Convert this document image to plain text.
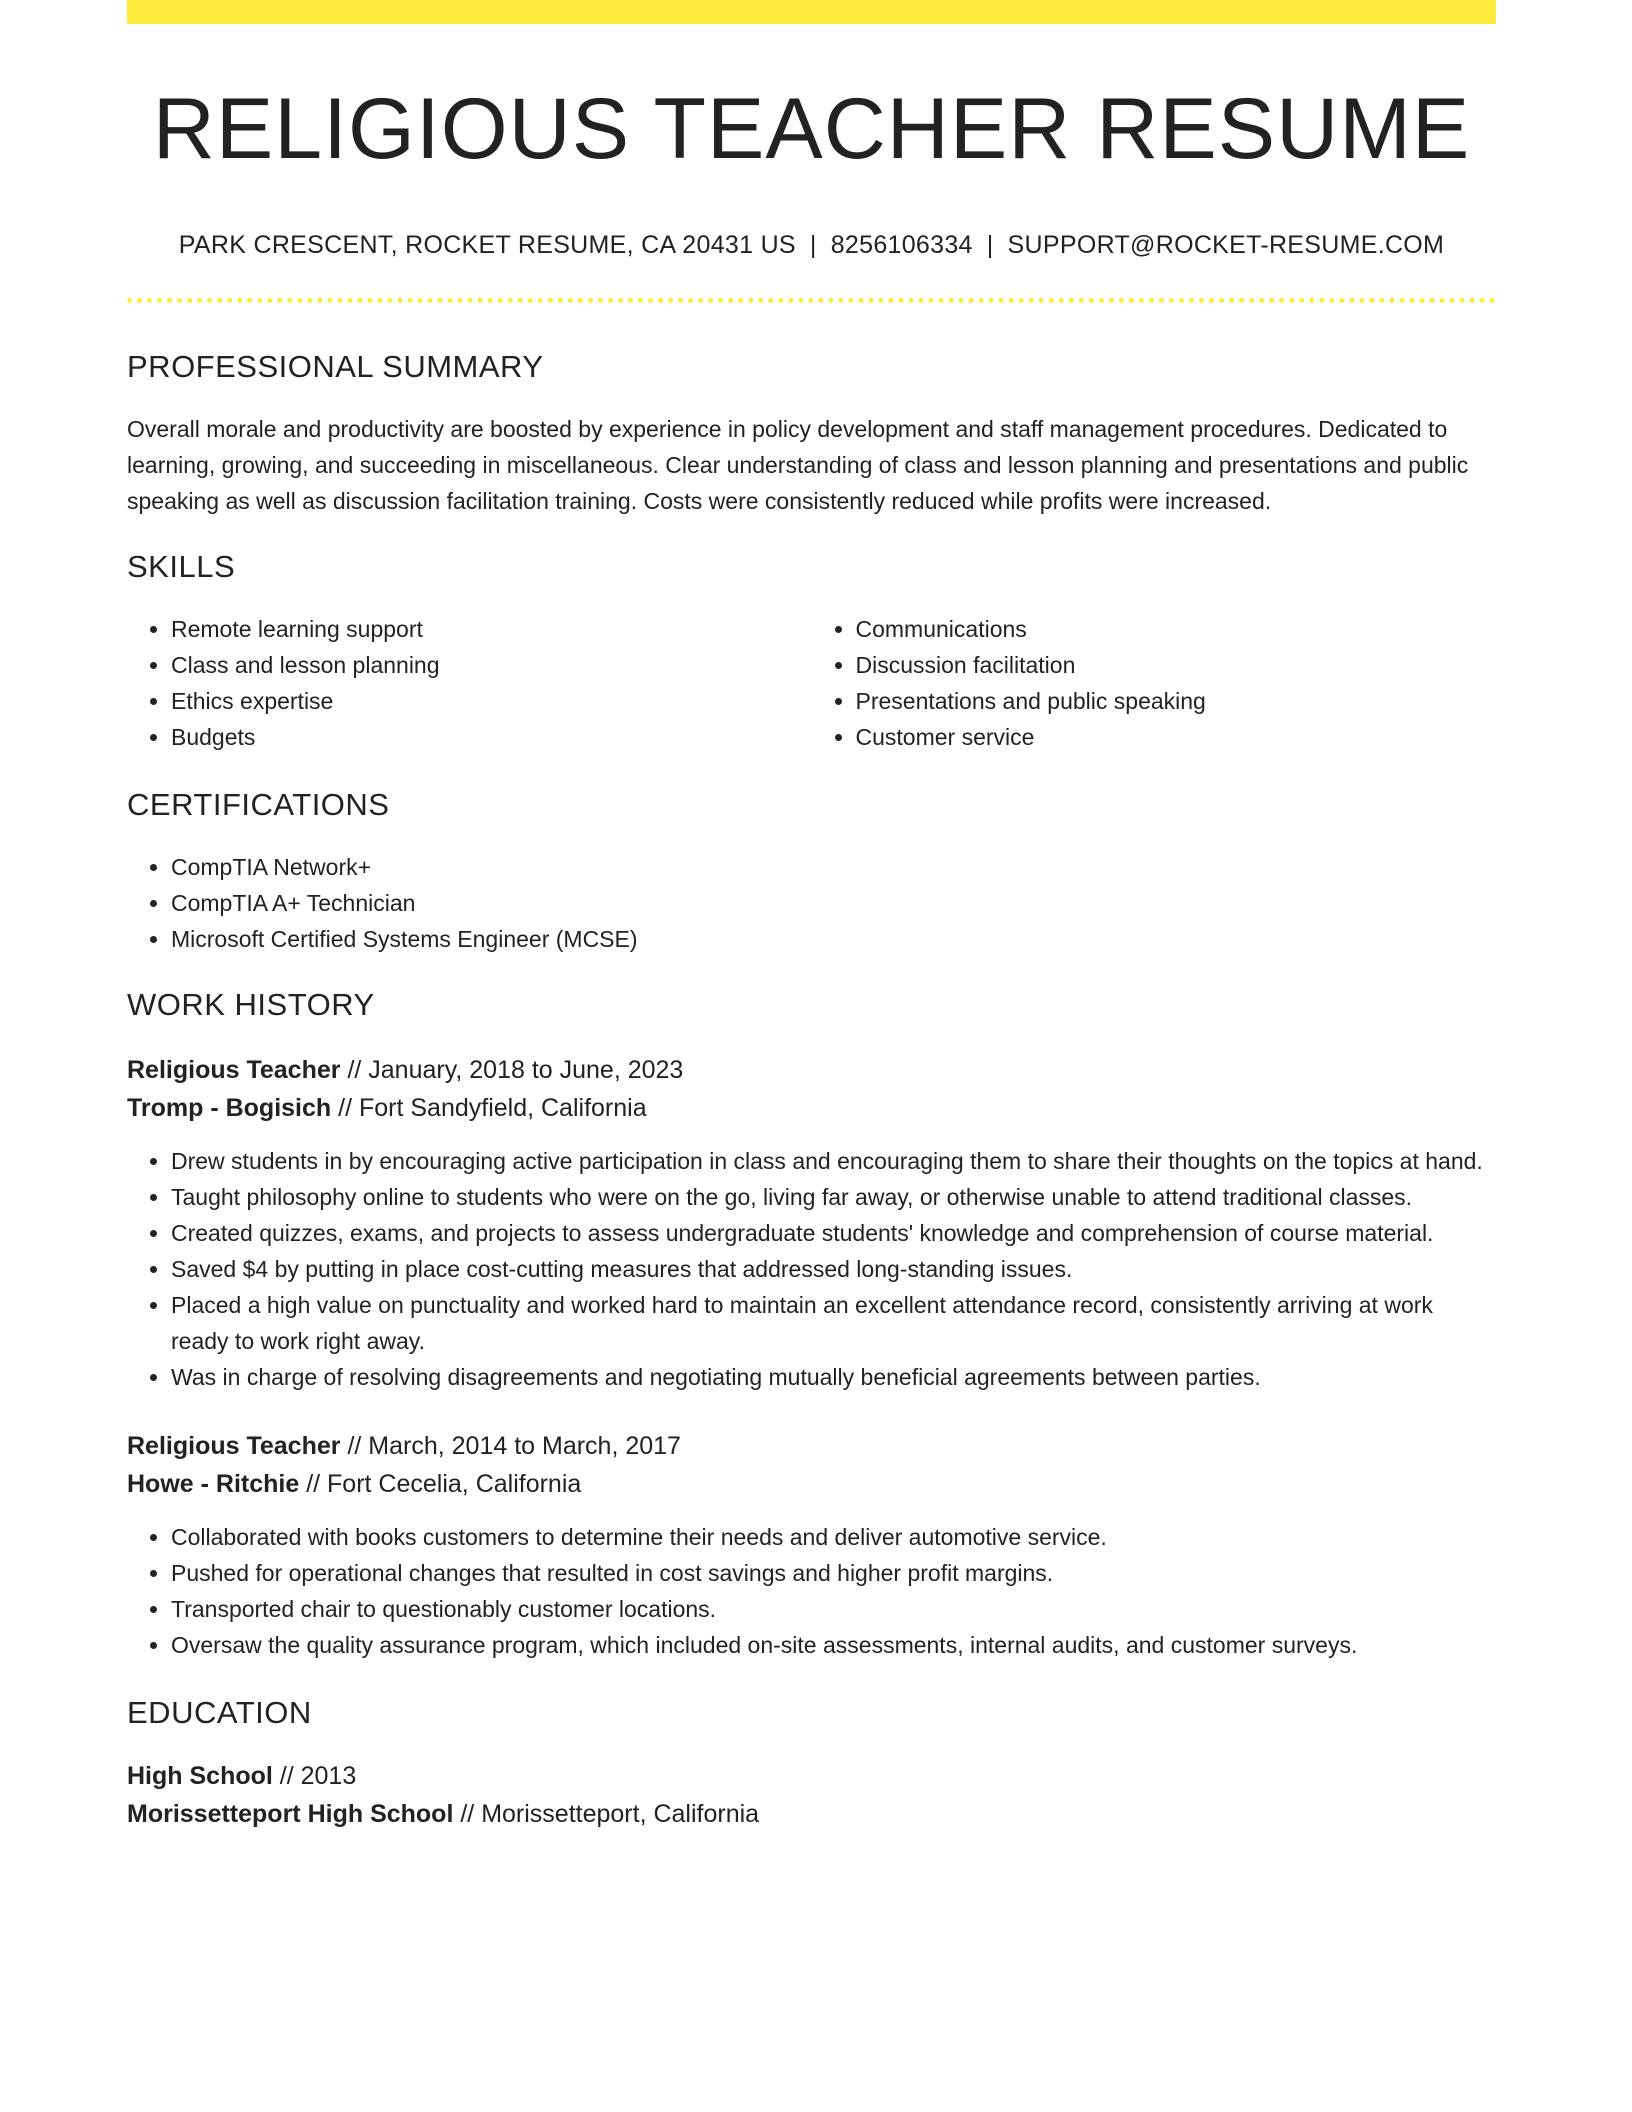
RELIGIOUS TEACHER RESUME
PARK CRESCENT, ROCKET RESUME, CA 20431 US | 8256106334 | SUPPORT@ROCKET-RESUME.COM
PROFESSIONAL SUMMARY

Overall morale and productivity are boosted by experience in policy development and staff management procedures. Dedicated to learning, growing, and succeeding in miscellaneous. Clear understanding of class and lesson planning and presentations and public speaking as well as discussion facilitation training. Costs were consistently reduced while profits were increased.

SKILLS
• Remote learning support
• Class and lesson planning
• Ethics expertise
• Budgets
• Communications
• Discussion facilitation
• Presentations and public speaking
• Customer service
CERTIFICATIONS
• CompTIA Network+
• CompTIA A+ Technician
• Microsoft Certified Systems Engineer (MCSE)
WORK HISTORY
Religious Teacher // January, 2018 to June, 2023
Tromp - Bogisich // Fort Sandyfield, California
• Drew students in by encouraging active participation in class and encouraging them to share their thoughts on the topics at hand.
• Taught philosophy online to students who were on the go, living far away, or otherwise unable to attend traditional classes.
• Created quizzes, exams, and projects to assess undergraduate students' knowledge and comprehension of course material.
• Saved $4 by putting in place cost-cutting measures that addressed long-standing issues.
• Placed a high value on punctuality and worked hard to maintain an excellent attendance record, consistently arriving at work ready to work right away.
• Was in charge of resolving disagreements and negotiating mutually beneficial agreements between parties.
Religious Teacher // March, 2014 to March, 2017
Howe - Ritchie // Fort Cecelia, California
• Collaborated with books customers to determine their needs and deliver automotive service.
• Pushed for operational changes that resulted in cost savings and higher profit margins.
• Transported chair to questionably customer locations.
• Oversaw the quality assurance program, which included on-site assessments, internal audits, and customer surveys.
EDUCATION
High School // 2013
Morissetteport High School // Morissetteport, California
